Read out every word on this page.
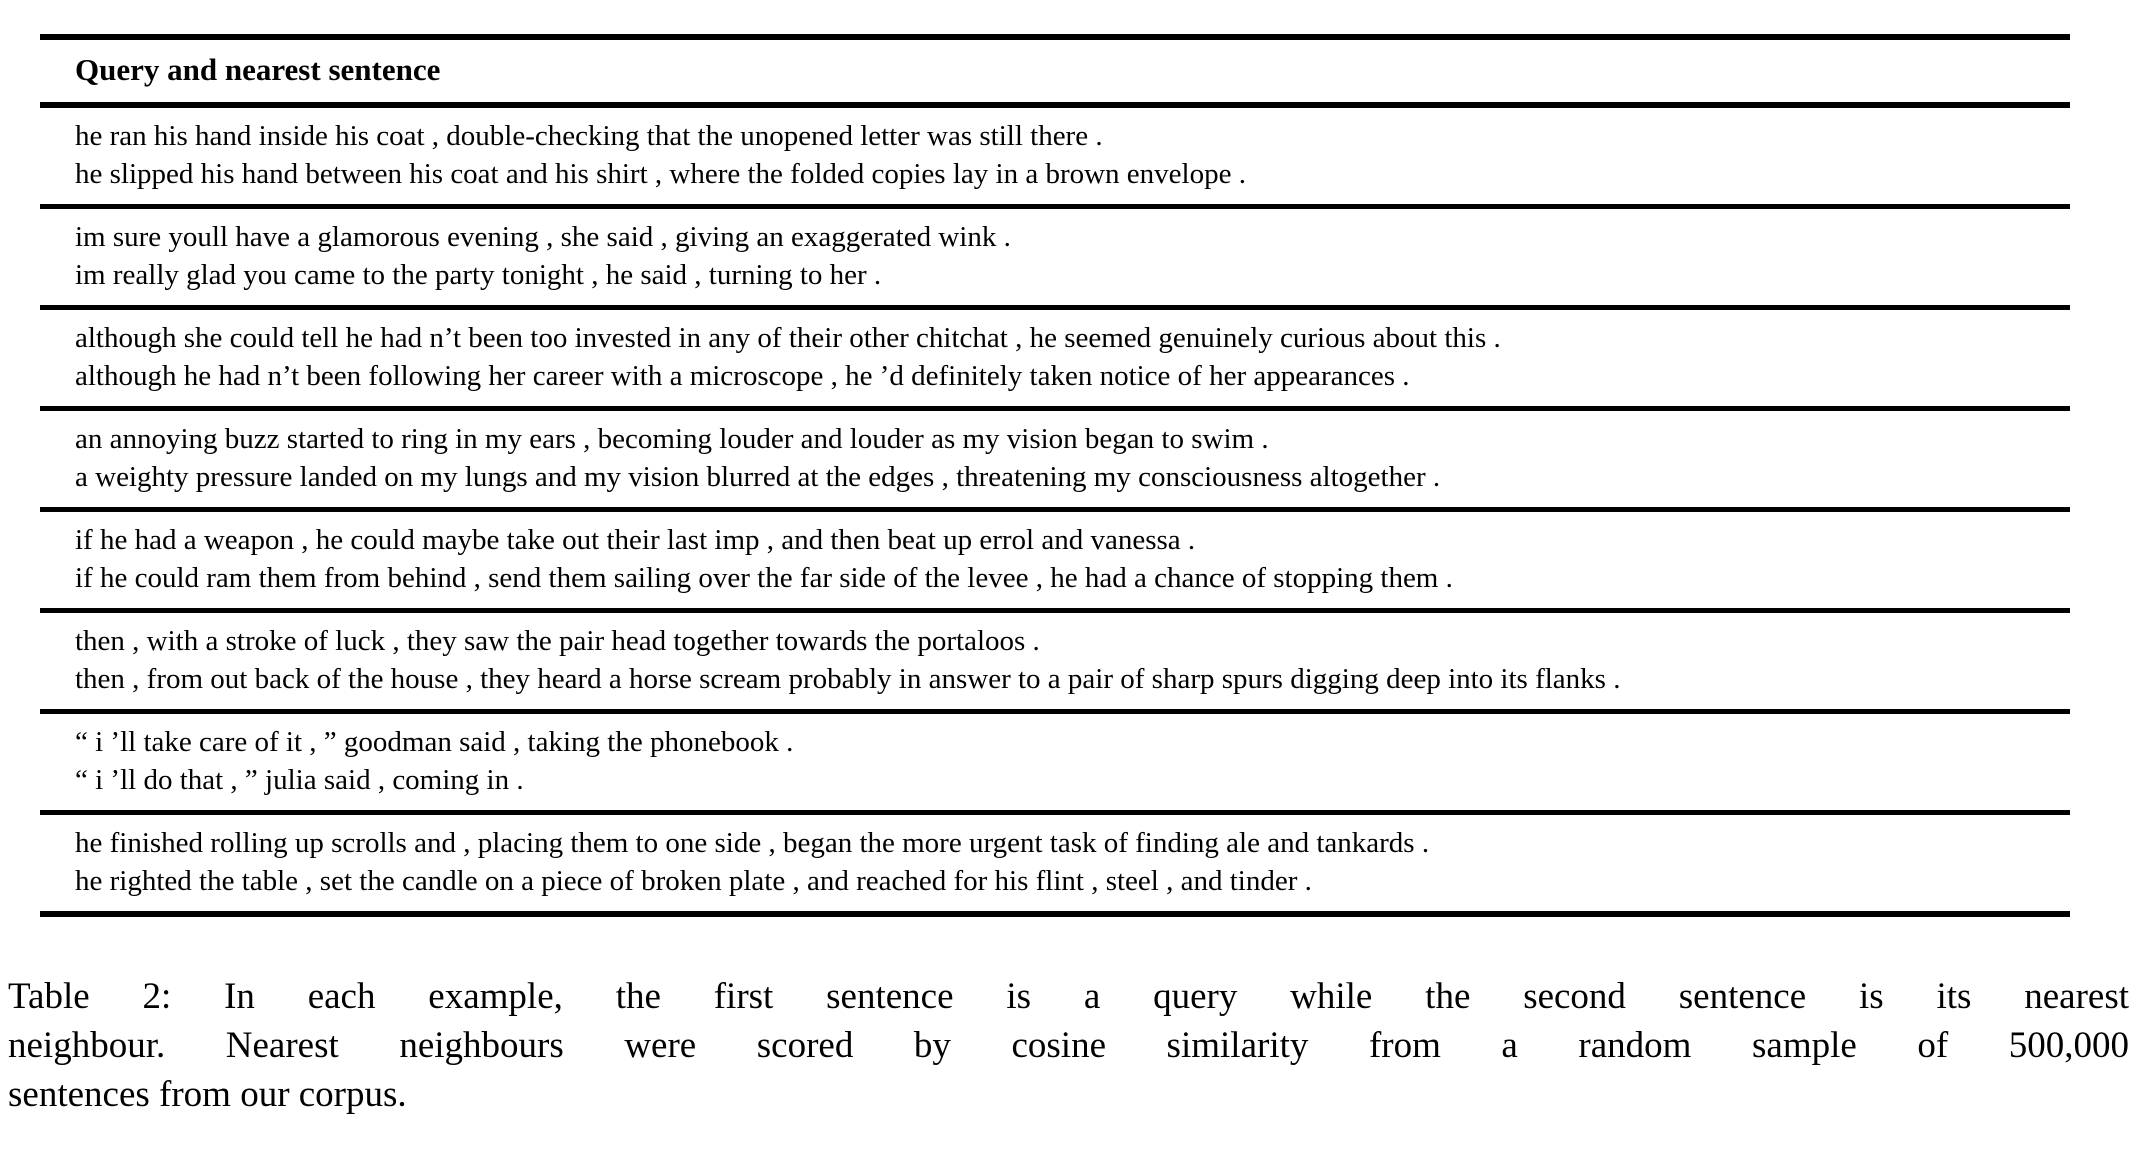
Query and nearest sentence
he ran his hand inside his coat , double-checking that the unopened letter was still there .
he slipped his hand between his coat and his shirt , where the folded copies lay in a brown envelope .
im sure youll have a glamorous evening , she said , giving an exaggerated wink .
im really glad you came to the party tonight , he said , turning to her .
although she could tell he had n’t been too invested in any of their other chitchat , he seemed genuinely curious about this .
although he had n’t been following her career with a microscope , he ’d definitely taken notice of her appearances .
an annoying buzz started to ring in my ears , becoming louder and louder as my vision began to swim .
a weighty pressure landed on my lungs and my vision blurred at the edges , threatening my consciousness altogether .
if he had a weapon , he could maybe take out their last imp , and then beat up errol and vanessa .
if he could ram them from behind , send them sailing over the far side of the levee , he had a chance of stopping them .
then , with a stroke of luck , they saw the pair head together towards the portaloos .
then , from out back of the house , they heard a horse scream probably in answer to a pair of sharp spurs digging deep into its flanks .
“ i ’ll take care of it , ” goodman said , taking the phonebook .
“ i ’ll do that , ” julia said , coming in .
he finished rolling up scrolls and , placing them to one side , began the more urgent task of finding ale and tankards .
he righted the table , set the candle on a piece of broken plate , and reached for his flint , steel , and tinder .
Table 2: In each example, the first sentence is a query while the second sentence is its nearest
neighbour. Nearest neighbours were scored by cosine similarity from a random sample of 500,000
sentences from our corpus.
